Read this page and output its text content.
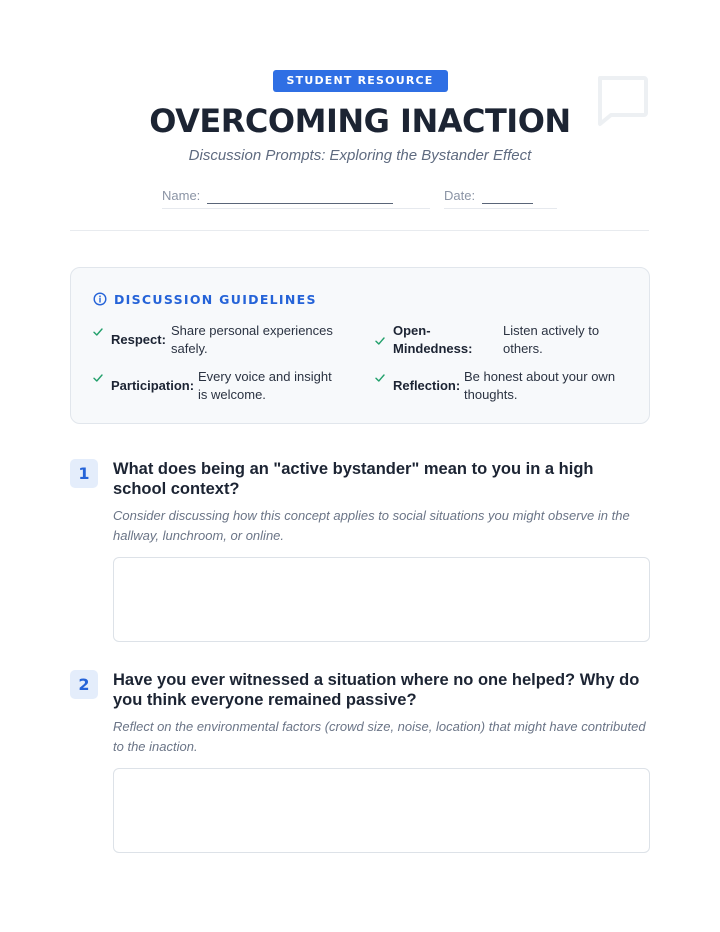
STUDENT RESOURCE
OVERCOMING INACTION
Discussion Prompts: Exploring the Bystander Effect
Name:	Date:
DISCUSSION GUIDELINES
Respect:
Share personal experiences safely.
Open-Mindedness:
Listen actively to others.
Participation:
Every voice and insight is welcome.
Reflection:
Be honest about your own thoughts.
1	What does being an "active bystander" mean to you in a high school context?
Consider discussing how this concept applies to social situations you might observe in the hallway, lunchroom, or online.
2	Have you ever witnessed a situation where no one helped? Why do you think everyone remained passive?
Reflect on the environmental factors (crowd size, noise, location) that might have contributed to the inaction.
